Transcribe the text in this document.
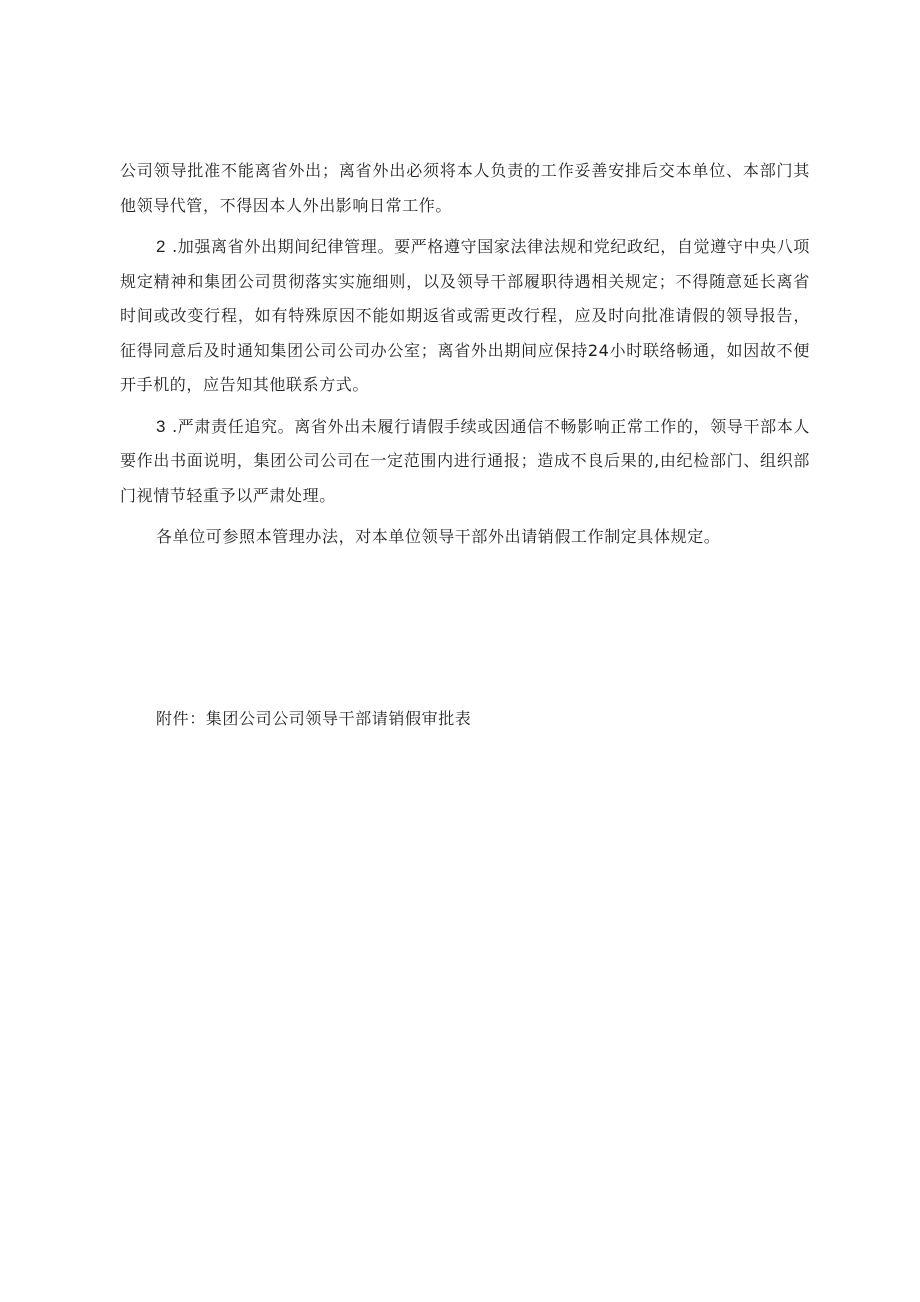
公司领导批准不能离省外出；离省外出必须将本人负责的工作妥善安排后交本单位、本部门其他领导代管，不得因本人外出影响日常工作。

2 .加强离省外出期间纪律管理。要严格遵守国家法律法规和党纪政纪，自觉遵守中央八项规定精神和集团公司贯彻落实实施细则，以及领导干部履职待遇相关规定；不得随意延长离省时间或改变行程，如有特殊原因不能如期返省或需更改行程，应及时向批准请假的领导报告，征得同意后及时通知集团公司公司办公室；离省外出期间应保持24小时联络畅通，如因故不便开手机的，应告知其他联系方式。

3 .严肃责任追究。离省外出未履行请假手续或因通信不畅影响正常工作的，领导干部本人要作出书面说明，集团公司公司在一定范围内进行通报；造成不良后果的,由纪检部门、组织部门视情节轻重予以严肃处理。

各单位可参照本管理办法，对本单位领导干部外出请销假工作制定具体规定。

附件：集团公司公司领导干部请销假审批表
